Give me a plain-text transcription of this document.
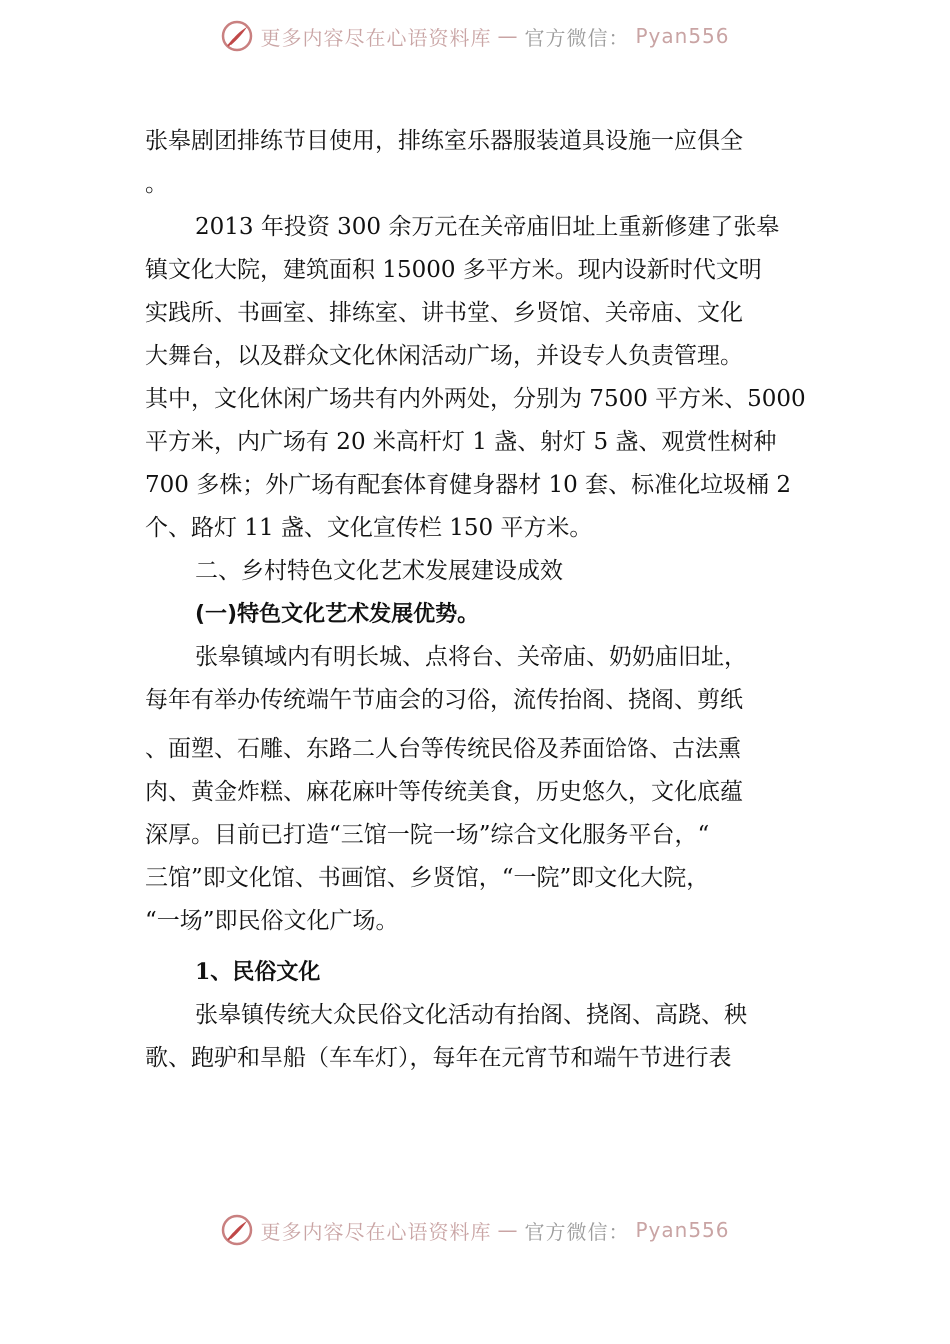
更多内容尽在心语资料库 — 官方微信： Pyan556
张皋剧团排练节目使用，排练室乐器服装道具设施一应俱全
。
2013 年投资 300 余万元在关帝庙旧址上重新修建了张皋
镇文化大院，建筑面积 15000 多平方米。现内设新时代文明
实践所、书画室、排练室、讲书堂、乡贤馆、关帝庙、文化
大舞台，以及群众文化休闲活动广场，并设专人负责管理。
其中，文化休闲广场共有内外两处，分别为 7500 平方米、5000
平方米，内广场有 20 米高杆灯 1 盏、射灯 5 盏、观赏性树种
700 多株；外广场有配套体育健身器材 10 套、标准化垃圾桶 2
个、路灯 11 盏、文化宣传栏 150 平方米。
二、乡村特色文化艺术发展建设成效
(一)特色文化艺术发展优势。
张皋镇域内有明长城、点将台、关帝庙、奶奶庙旧址，
每年有举办传统端午节庙会的习俗，流传抬阁、挠阁、剪纸
、面塑、石雕、东路二人台等传统民俗及荞面饸饹、古法熏
肉、黄金炸糕、麻花麻叶等传统美食，历史悠久，文化底蕴
深厚。目前已打造“三馆一院一场”综合文化服务平台，“
三馆”即文化馆、书画馆、乡贤馆，“一院”即文化大院，
“一场”即民俗文化广场。
1、民俗文化
张皋镇传统大众民俗文化活动有抬阁、挠阁、高跷、秧
歌、跑驴和旱船（车车灯），每年在元宵节和端午节进行表
更多内容尽在心语资料库 — 官方微信： Pyan556
